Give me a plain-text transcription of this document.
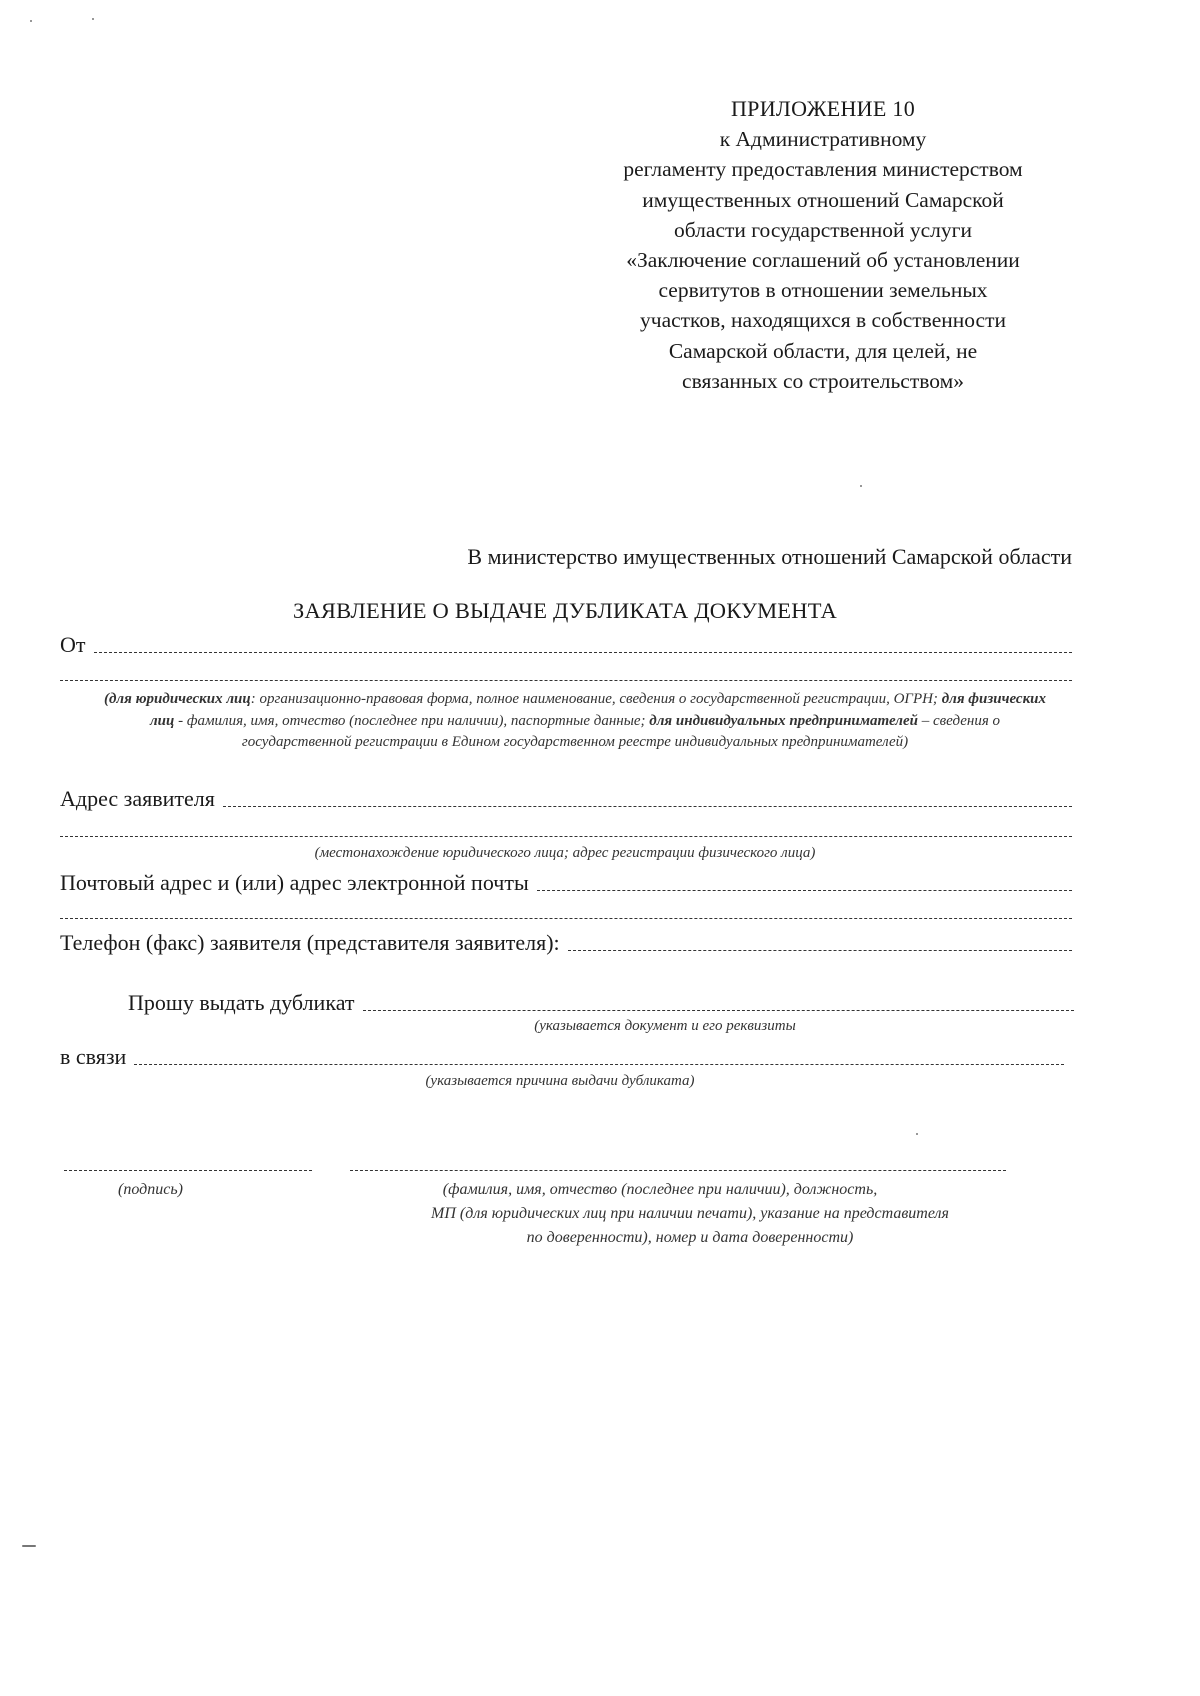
ПРИЛОЖЕНИЕ 10
к Административному
регламенту предоставления министерством
имущественных отношений Самарской
области государственной услуги
«Заключение соглашений об установлении
сервитутов в отношении земельных
участков, находящихся в собственности
Самарской области, для целей, не
связанных со строительством»
В министерство имущественных отношений Самарской области
ЗАЯВЛЕНИЕ О ВЫДАЧЕ ДУБЛИКАТА ДОКУМЕНТА
От
(для юридических лиц: организационно-правовая форма, полное наименование, сведения о государственной регистрации, ОГРН; для физических лиц - фамилия, имя, отчество (последнее при наличии), паспортные данные; для индивидуальных предпринимателей – сведения о государственной регистрации в Едином государственном реестре индивидуальных предпринимателей)
Адрес заявителя
(местонахождение юридического лица; адрес регистрации физического лица)
Почтовый адрес и (или) адрес электронной почты
Телефон (факс) заявителя (представителя заявителя):
Прошу выдать дубликат
(указывается документ и его реквизиты
в связи
(указывается причина выдачи дубликата)
(подпись)	(фамилия, имя, отчество (последнее при наличии), должность,
МП (для юридических лиц при наличии печати), указание на представителя
по доверенности), номер и дата доверенности)
